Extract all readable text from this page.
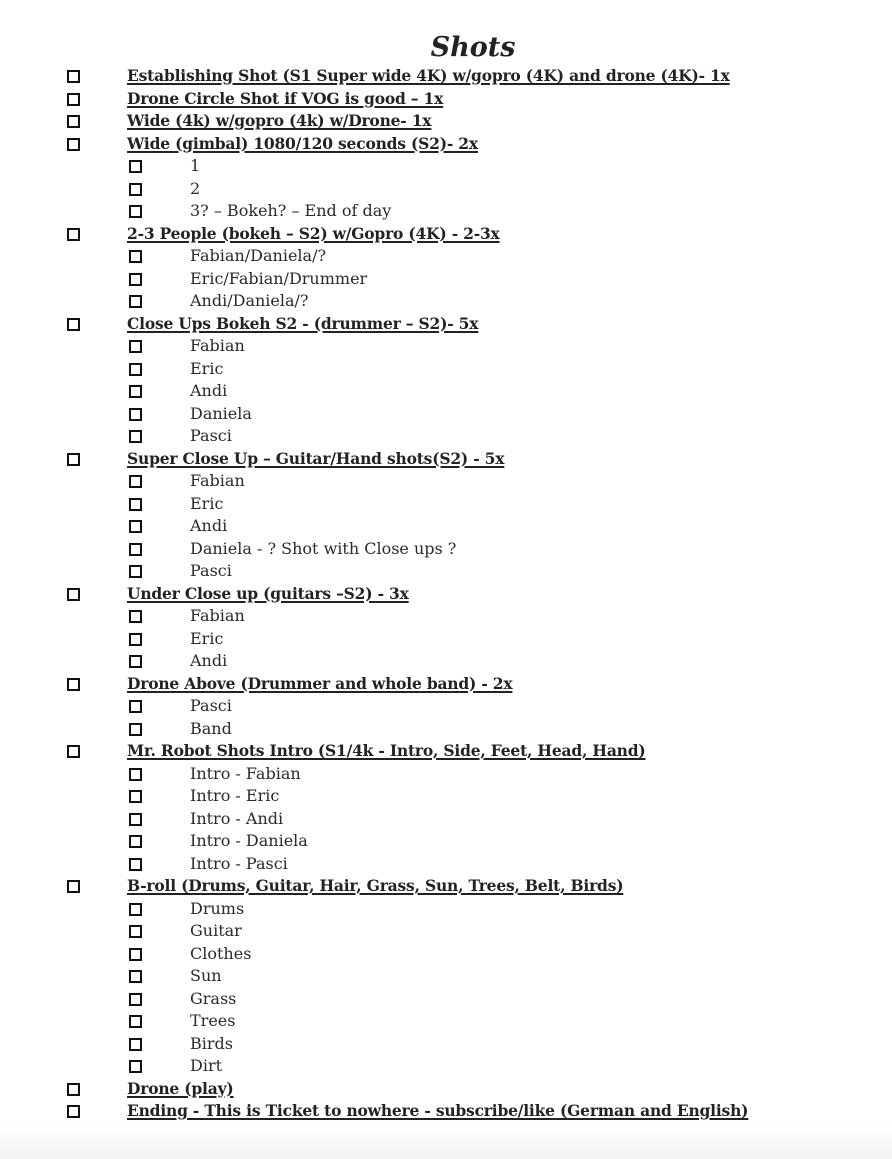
Shots
Establishing Shot (S1 Super wide 4K) w/gopro (4K) and drone (4K)- 1x
Drone Circle Shot if VOG is good – 1x
Wide (4k) w/gopro (4k) w/Drone- 1x
Wide (gimbal) 1080/120 seconds (S2)- 2x
1
2
3? – Bokeh? – End of day
2-3 People (bokeh – S2) w/Gopro (4K) - 2-3x
Fabian/Daniela/?
Eric/Fabian/Drummer
Andi/Daniela/?
Close Ups Bokeh S2 - (drummer – S2)- 5x
Fabian
Eric
Andi
Daniela
Pasci
Super Close Up – Guitar/Hand shots(S2) - 5x
Fabian
Eric
Andi
Daniela - ? Shot with Close ups ?
Pasci
Under Close up (guitars –S2) - 3x
Fabian
Eric
Andi
Drone Above (Drummer and whole band) - 2x
Pasci
Band
Mr. Robot Shots Intro (S1/4k - Intro, Side, Feet, Head, Hand)
Intro - Fabian
Intro - Eric
Intro - Andi
Intro - Daniela
Intro - Pasci
B-roll (Drums, Guitar, Hair, Grass, Sun, Trees, Belt, Birds)
Drums
Guitar
Clothes
Sun
Grass
Trees
Birds
Dirt
Drone (play)
Ending - This is Ticket to nowhere - subscribe/like (German and English)
